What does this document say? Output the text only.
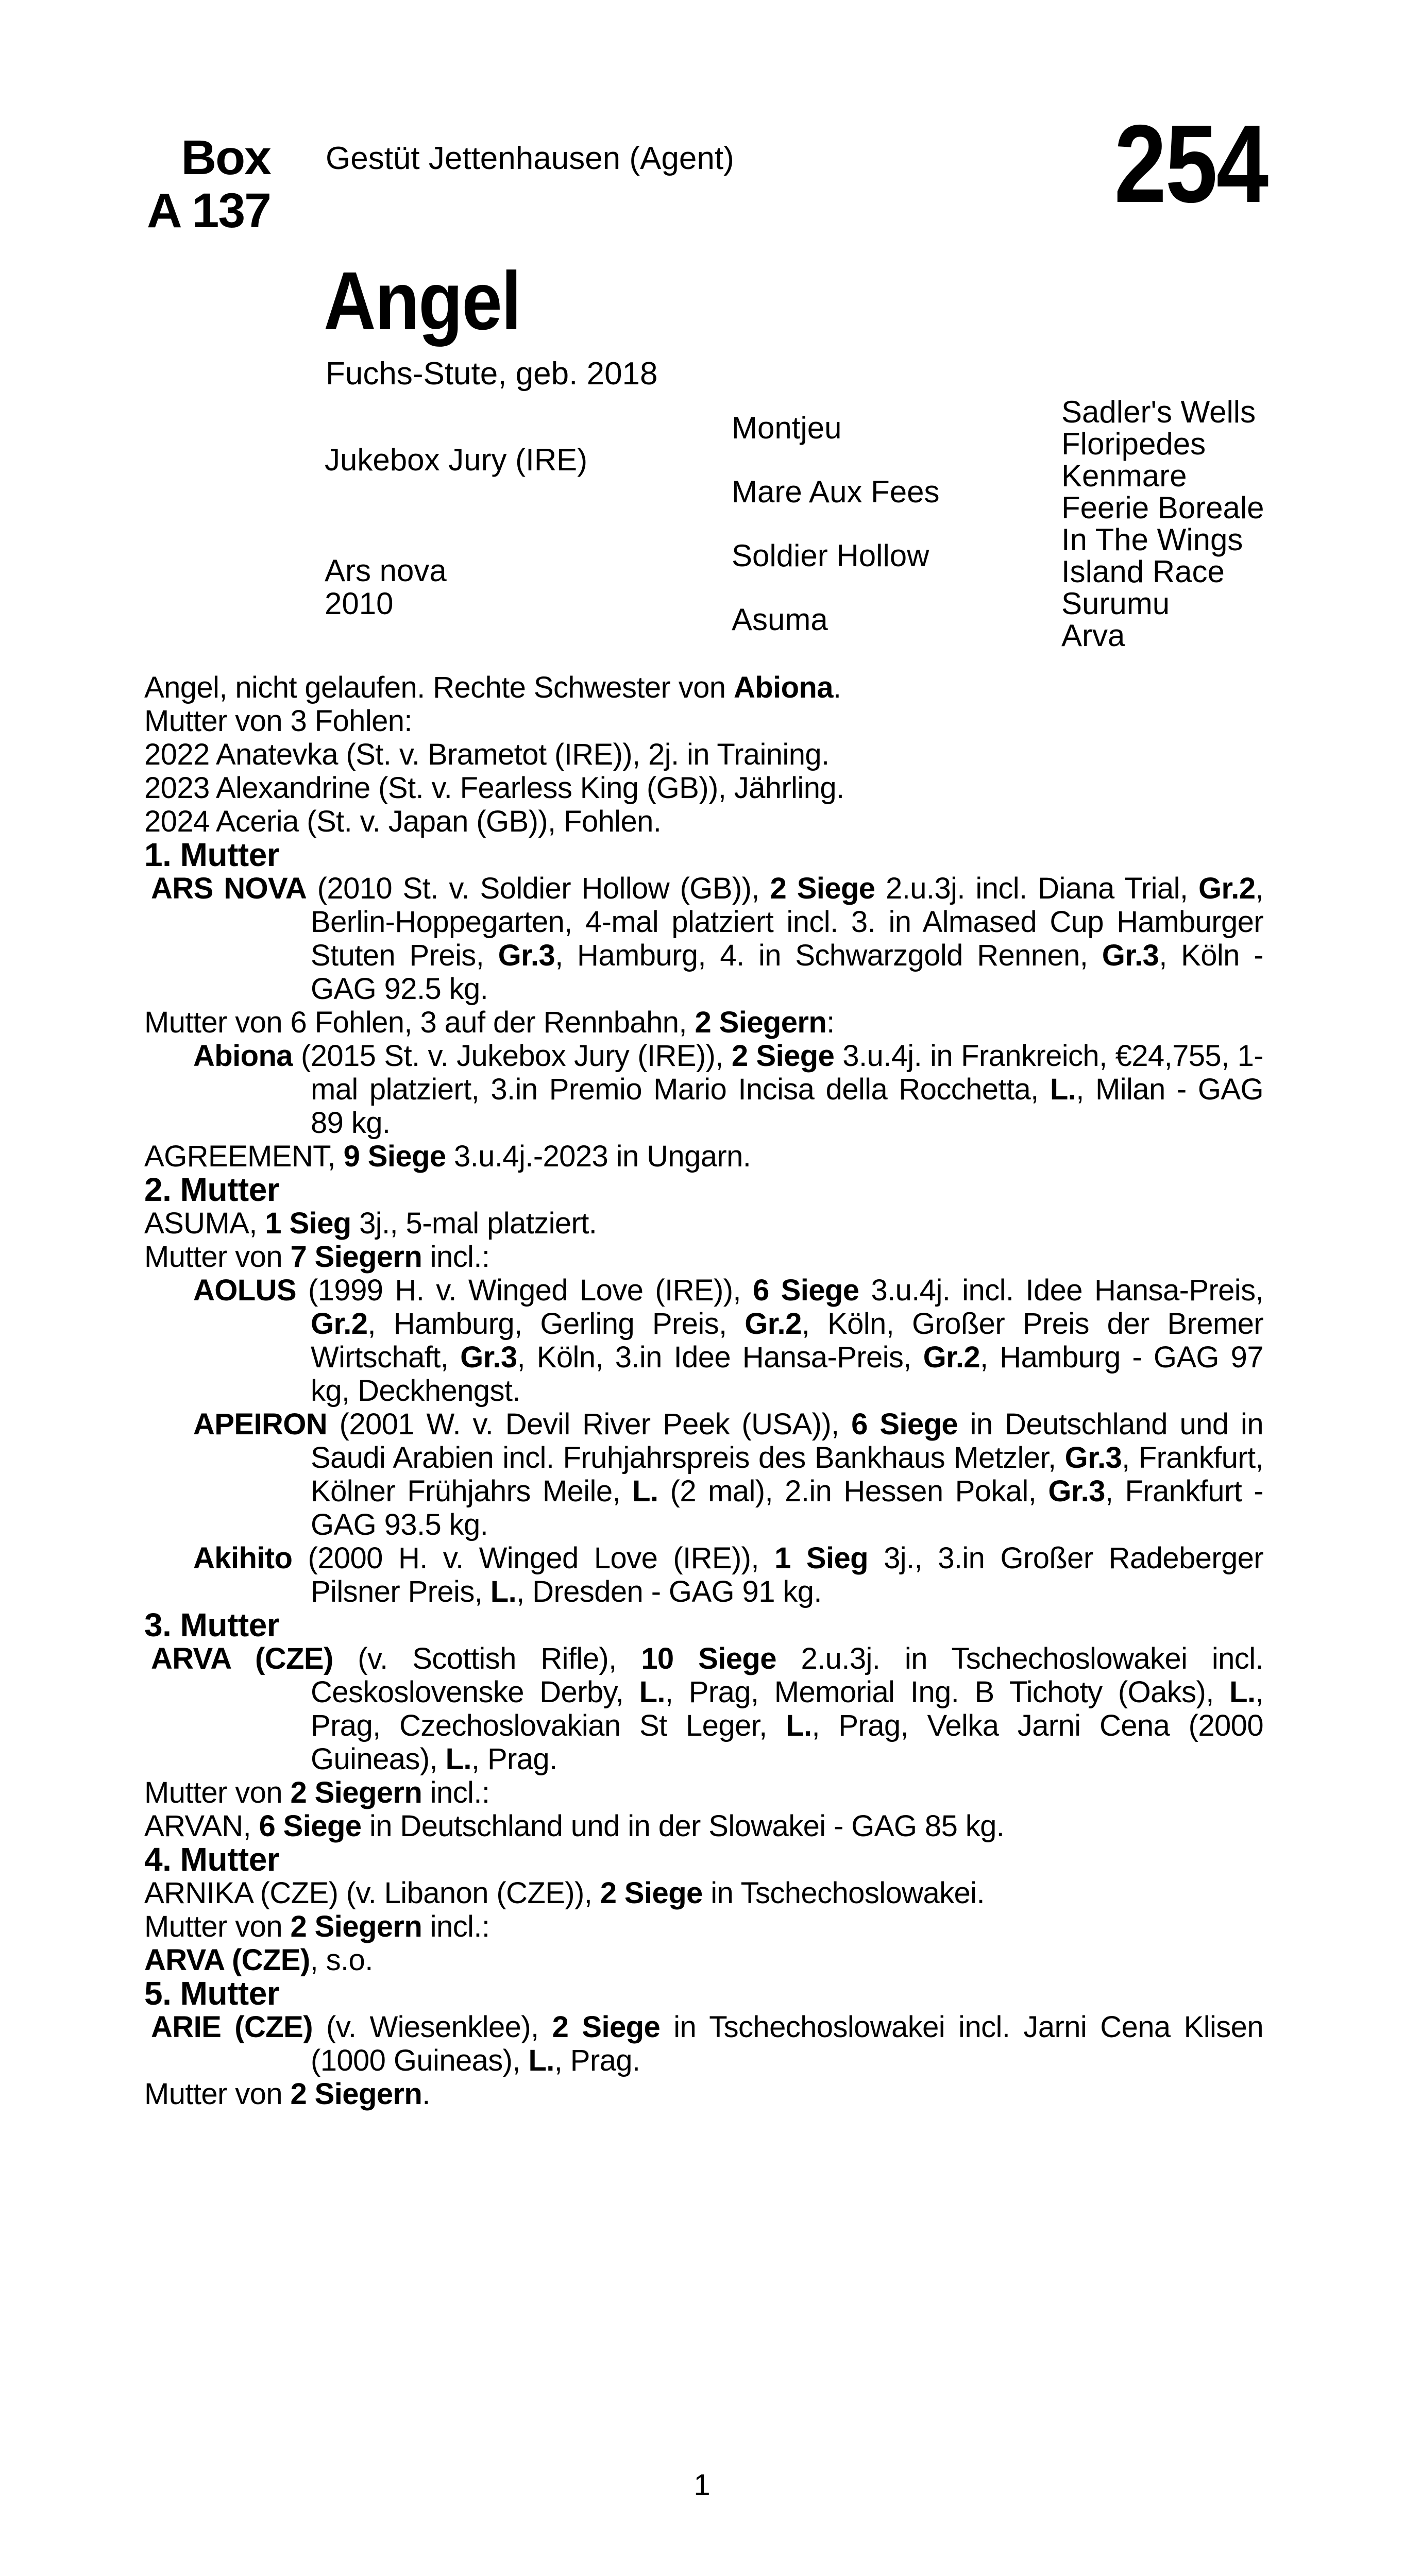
Box
A 137
Gestüt Jettenhausen (Agent)	254
Angel
Fuchs-Stute, geb. 2018
Jukebox Jury (IRE)
Ars nova
2010
Montjeu
Mare Aux Fees
Soldier Hollow
Asuma
Sadler's Wells
Floripedes
Kenmare
Feerie Boreale
In The Wings
Island Race
Surumu
Arva

Angel, nicht gelaufen. Rechte Schwester von Abiona.

Mutter von 3 Fohlen:

2022 Anatevka (St. v. Brametot (IRE)), 2j. in Training.

2023 Alexandrine (St. v. Fearless King (GB)), Jährling.

2024 Aceria (St. v. Japan (GB)), Fohlen.

1. Mutter

ARS NOVA (2010 St. v. Soldier Hollow (GB)), 2 Siege 2.u.3j. incl. Diana Trial, Gr.2, Berlin-Hoppegarten, 4-mal platziert incl. 3. in Almased Cup Hamburger Stuten Preis, Gr.3, Hamburg, 4. in Schwarzgold Rennen, Gr.3, Köln - GAG 92.5 kg.

Mutter von 6 Fohlen, 3 auf der Rennbahn, 2 Siegern:

Abiona (2015 St. v. Jukebox Jury (IRE)), 2 Siege 3.u.4j. in Frankreich, €24,755, 1-mal platziert, 3.in Premio Mario Incisa della Rocchetta, L., Milan - GAG 89 kg.

AGREEMENT, 9 Siege 3.u.4j.-2023 in Ungarn.

2. Mutter

ASUMA, 1 Sieg 3j., 5-mal platziert.

Mutter von 7 Siegern incl.:

AOLUS (1999 H. v. Winged Love (IRE)), 6 Siege 3.u.4j. incl. Idee Hansa-Preis, Gr.2, Hamburg, Gerling Preis, Gr.2, Köln, Großer Preis der Bremer Wirtschaft, Gr.3, Köln, 3.in Idee Hansa-Preis, Gr.2, Hamburg - GAG 97 kg, Deckhengst.

APEIRON (2001 W. v. Devil River Peek (USA)), 6 Siege in Deutschland und in Saudi Arabien incl. Fruhjahrspreis des Bankhaus Metzler, Gr.3, Frankfurt, Kölner Frühjahrs Meile, L. (2 mal), 2.in Hessen Pokal, Gr.3, Frankfurt - GAG 93.5 kg.

Akihito (2000 H. v. Winged Love (IRE)), 1 Sieg 3j., 3.in Großer Radeberger Pilsner Preis, L., Dresden - GAG 91 kg.

3. Mutter

ARVA (CZE) (v. Scottish Rifle), 10 Siege 2.u.3j. in Tschechoslowakei incl. Ceskoslovenske Derby, L., Prag, Memorial Ing. B Tichoty (Oaks), L., Prag, Czechoslovakian St Leger, L., Prag, Velka Jarni Cena (2000 Guineas), L., Prag.

Mutter von 2 Siegern incl.:

ARVAN, 6 Siege in Deutschland und in der Slowakei - GAG 85 kg.

4. Mutter

ARNIKA (CZE) (v. Libanon (CZE)), 2 Siege in Tschechoslowakei.

Mutter von 2 Siegern incl.:

ARVA (CZE), s.o.

5. Mutter

ARIE (CZE) (v. Wiesenklee), 2 Siege in Tschechoslowakei incl. Jarni Cena Klisen (1000 Guineas), L., Prag.

Mutter von 2 Siegern.

1
